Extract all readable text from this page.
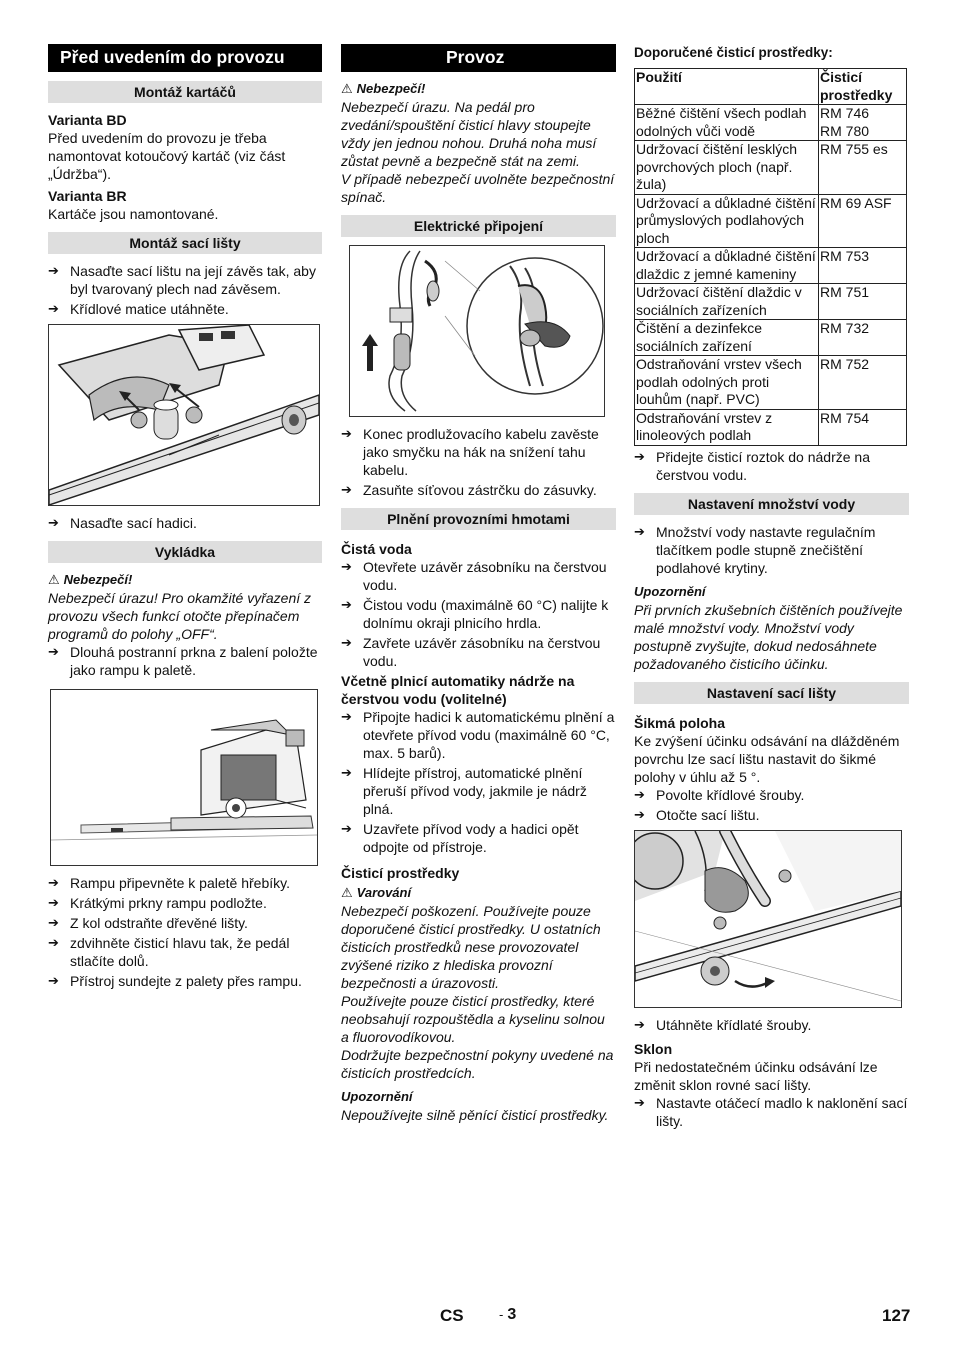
Před uvedením do provozu
Montáž kartáčů

Varianta BD

Před uvedením do provozu je třeba namontovat kotoučový kartáč (viz část „Údržba“).

Varianta BR

Kartáče jsou namontované.

Montáž sací lišty
➔ Nasaďte sací lištu na její závěs tak, aby byl tvarovaný plech nad závěsem.
➔ Křídlové matice utáhněte.
➔ Nasaďte sací hadici.
Vykládka

⚠ Nebezpečí!

Nebezpečí úrazu! Pro okamžité vyřazení z provozu všech funkcí otočte přepínačem programů do polohy „OFF“.

➔ Dlouhá postranní prkna z balení položte jako rampu k paletě.
➔ Rampu připevněte k paletě hřebíky.
➔ Krátkými prkny rampu podložte.
➔ Z kol odstraňte dřevěné lišty.
➔ zdvihněte čisticí hlavu tak, že pedál stlačíte dolů.
➔ Přístroj sundejte z palety přes rampu.
Provoz

⚠ Nebezpečí!

Nebezpečí úrazu. Na pedál pro zvedání/spouštění čisticí hlavy stoupejte vždy jen jednou nohou. Druhá noha musí zůstat pevně a bezpečně stát na zemi.

V případě nebezpečí uvolněte bezpečnostní spínač.

Elektrické připojení
➔ Konec prodlužovacího kabelu zavěste jako smyčku na hák na snížení tahu kabelu.
➔ Zasuňte síťovou zástrčku do zásuvky.
Plnění provozními hmotami

Čistá voda

➔ Otevřete uzávěr zásobníku na čerstvou vodu.
➔ Čistou vodu (maximálně 60 °C) nalijte k dolnímu okraji plnicího hrdla.
➔ Zavřete uzávěr zásobníku na čerstvou vodu.

Včetně plnicí automatiky nádrže na čerstvou vodu (volitelné)

➔ Připojte hadici k automatickému plnění a otevřete přívod vodu (maximálně 60 °C, max. 5 barů).
➔ Hlídejte přístroj, automatické plnění přeruší přívod vody, jakmile je nádrž plná.
➔ Uzavřete přívod vody a hadici opět odpojte od přístroje.

Čisticí prostředky

⚠ Varování

Nebezpečí poškození. Používejte pouze doporučené čisticí prostředky. U ostatních čisticích prostředků nese provozovatel zvýšené riziko z hlediska provozní bezpečnosti a úrazovosti.

Používejte pouze čisticí prostředky, které neobsahují rozpouštědla a kyselinu solnou a fluorovodíkovou.

Dodržujte bezpečnostní pokyny uvedené na čisticích prostředcích.

Upozornění

Nepoužívejte silně pěnící čisticí prostředky.

Doporučené čisticí prostředky:

Použití	Čisticí prostředky
Běžné čištění všech podlah odolných vůči vodě	RM 746
RM 780
Udržovací čištění lesklých povrchových ploch (např. žula)	RM 755 es
Udržovací a důkladné čištění průmyslových podlahových ploch	RM 69 ASF
Udržovací a důkladné čištění dlaždic z jemné kameniny	RM 753
Udržovací čištění dlaždic v sociálních zařízeních	RM 751
Čištění a dezinfekce sociálních zařízení	RM 732
Odstraňování vrstev všech podlah odolných proti louhům (např. PVC)	RM 752
Odstraňování vrstev z linoleových podlah	RM 754
➔ Přidejte čisticí roztok do nádrže na čerstvou vodu.
Nastavení množství vody
➔ Množství vody nastavte regulačním tlačítkem podle stupně znečištění podlahové krytiny.

Upozornění

Při prvních zkušebních čištěních používejte malé množství vody. Množství vody postupně zvyšujte, dokud nedosáhnete požadovaného čisticího účinku.

Nastavení sací lišty

Šikmá poloha

Ke zvýšení účinku odsávání na dlážděném povrchu lze sací lištu nastavit do šikmé polohy v úhlu až 5 °.

➔ Povolte křídlové šrouby.
➔ Otočte sací lištu.
➔ Utáhněte křídlaté šrouby.

Sklon

Při nedostatečném účinku odsávání lze změnit sklon rovné sací lišty.

➔ Nastavte otáčecí madlo k naklonění sací lišty.
CS	- 3	127
